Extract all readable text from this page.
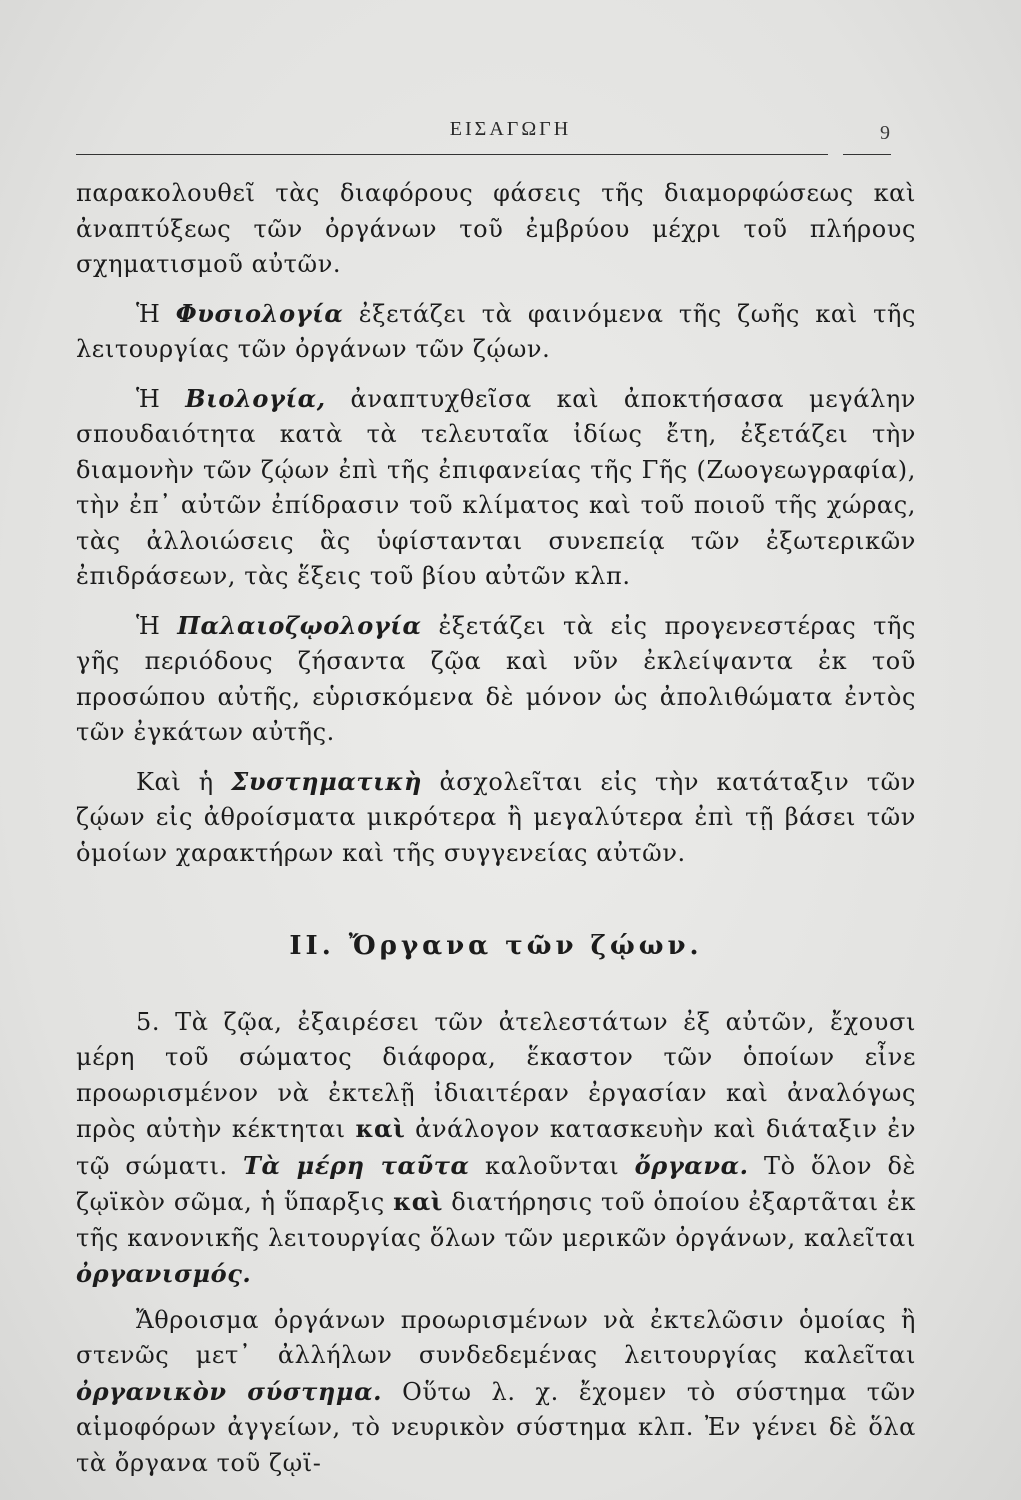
ΕΙΣΑΓΩΓΗ	9

παρακολουθεῖ τὰς διαφόρους φάσεις τῆς διαμορφώσεως καὶ ἀναπτύξεως τῶν ὀργάνων τοῦ ἐμβρύου μέχρι τοῦ πλήρους σχηματισμοῦ αὐτῶν.

Ἡ Φυσιολογία ἐξετάζει τὰ φαινόμενα τῆς ζωῆς καὶ τῆς λειτουργίας τῶν ὀργάνων τῶν ζῴων.

Ἡ Βιολογία, ἀναπτυχθεῖσα καὶ ἀποκτήσασα μεγάλην σπουδαιότητα κατὰ τὰ τελευταῖα ἰδίως ἔτη, ἐξετάζει τὴν διαμονὴν τῶν ζῴων ἐπὶ τῆς ἐπιφανείας τῆς Γῆς (Ζωογεωγραφία), τὴν ἐπ᾿ αὐτῶν ἐπίδρασιν τοῦ κλίματος καὶ τοῦ ποιοῦ τῆς χώρας, τὰς ἀλλοιώσεις ἃς ὑφίστανται συνεπείᾳ τῶν ἐξωτερικῶν ἐπιδράσεων, τὰς ἕξεις τοῦ βίου αὐτῶν κλπ.

Ἡ Παλαιοζῳολογία ἐξετάζει τὰ εἰς προγενεστέρας τῆς γῆς περιόδους ζήσαντα ζῷα καὶ νῦν ἐκλείψαντα ἐκ τοῦ προσώπου αὐτῆς, εὑρισκόμενα δὲ μόνον ὡς ἀπολιθώματα ἐντὸς τῶν ἐγκάτων αὐτῆς.

Καὶ ἡ Συστηματικὴ ἀσχολεῖται εἰς τὴν κατάταξιν τῶν ζῴων εἰς ἀθροίσματα μικρότερα ἢ μεγαλύτερα ἐπὶ τῇ βάσει τῶν ὁμοίων χαρακτήρων καὶ τῆς συγγενείας αὐτῶν.

ΙΙ. Ὄργανα τῶν ζῴων.

5. Τὰ ζῷα, ἐξαιρέσει τῶν ἀτελεστάτων ἐξ αὐτῶν, ἔχουσι μέρη τοῦ σώματος διάφορα, ἕκαστον τῶν ὁποίων εἶνε προωρισμένον νὰ ἐκτελῇ ἰδιαιτέραν ἐργασίαν καὶ ἀναλόγως πρὸς αὐτὴν κέκτηται καὶ ἀνάλογον κατασκευὴν καὶ διάταξιν ἐν τῷ σώματι. Τὰ μέρη ταῦτα καλοῦνται ὄργανα. Τὸ ὅλον δὲ ζῳϊκὸν σῶμα, ἡ ὕπαρξις καὶ διατήρησις τοῦ ὁποίου ἐξαρτᾶται ἐκ τῆς κανονικῆς λειτουργίας ὅλων τῶν μερικῶν ὀργάνων, καλεῖται ὀργανισμός.

Ἄθροισμα ὀργάνων προωρισμένων νὰ ἐκτελῶσιν ὁμοίας ἢ στενῶς μετ᾿ ἀλλήλων συνδεδεμένας λειτουργίας καλεῖται ὀργανικὸν σύστημα. Οὕτω λ. χ. ἔχομεν τὸ σύστημα τῶν αἱμοφόρων ἀγγείων, τὸ νευρικὸν σύστημα κλπ. Ἐν γένει δὲ ὅλα τὰ ὄργανα τοῦ ζῳϊ-
